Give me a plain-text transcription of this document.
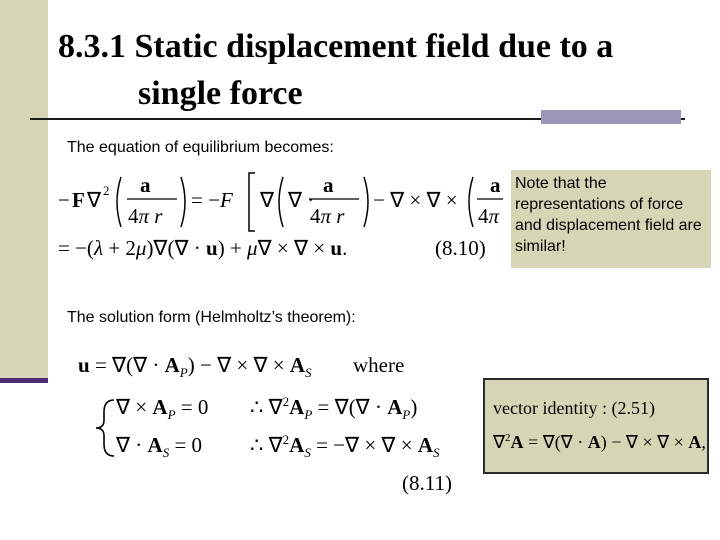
8.3.1 Static displacement field due to a
single force
The equation of equilibrium becomes:
The solution form (Helmholtz’s theorem):
− F ∇ 2 a
4π r
= −F ∇ ∇ ·
a
4π r
− ∇ × ∇ ×
a
4π
= −(λ + 2μ)∇(∇ · u) + μ∇ × ∇ × u.	(8.10)
Note that the representations of force and displacement field are similar!
u = ∇(∇ · $A_P$) − ∇ × ∇ × $A_S$
∇ × $A_P = 0$ ∴ $\nabla^2A_P$ = ∇(∇ · $A_P$)
∇ · $A_S = 0$ ∴ $\nabla^2A_S$ = −∇ × ∇ × $A_S$
where
(8.11)
vector identity : (2.51)
∇$^2$A = ∇(∇ · A) − ∇ × ∇ × A,
